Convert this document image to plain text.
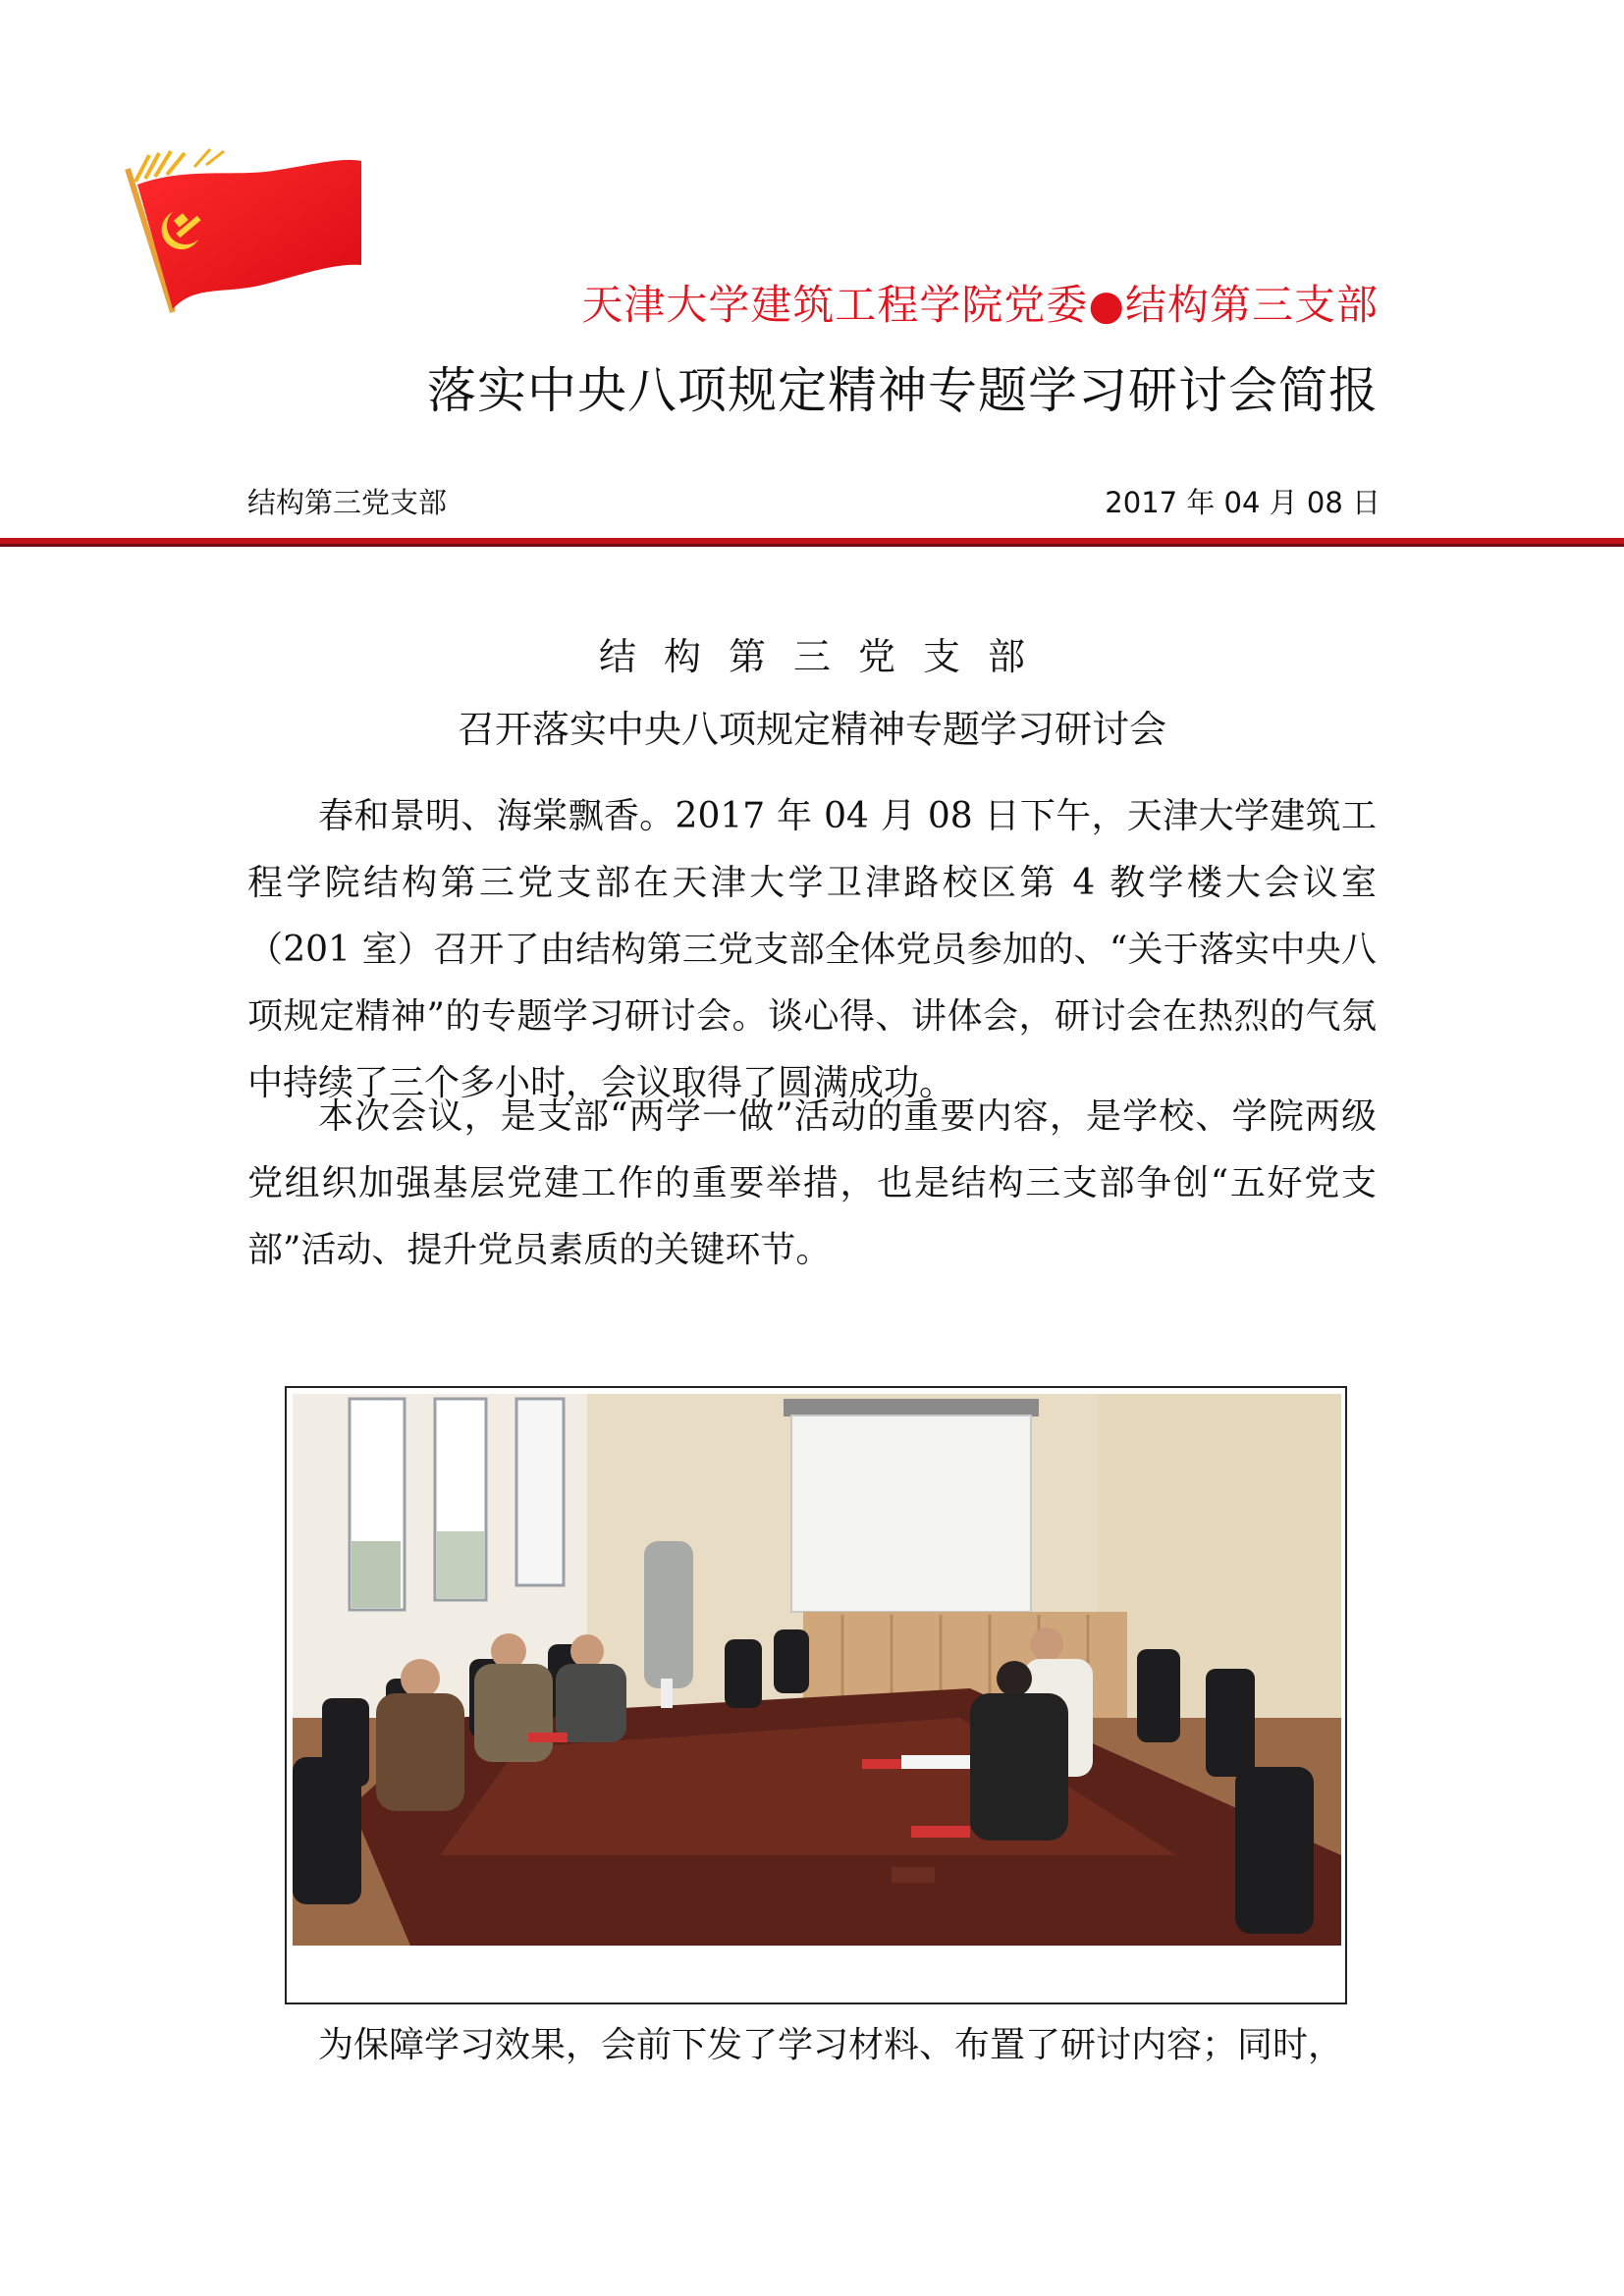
天津大学建筑工程学院党委●结构第三支部
落实中央八项规定精神专题学习研讨会简报
结构第三党支部	2017 年 04 月 08 日
结构第三党支部
召开落实中央八项规定精神专题学习研讨会
春和景明、海棠飘香。2017 年 04 月 08 日下午，天津大学建筑工程学院结构第三党支部在天津大学卫津路校区第 4 教学楼大会议室（201 室）召开了由结构第三党支部全体党员参加的、“关于落实中央八项规定精神”的专题学习研讨会。谈心得、讲体会，研讨会在热烈的气氛中持续了三个多小时，会议取得了圆满成功。
本次会议，是支部“两学一做”活动的重要内容，是学校、学院两级党组织加强基层党建工作的重要举措，也是结构三支部争创“五好党支部”活动、提升党员素质的关键环节。
为保障学习效果，会前下发了学习材料、布置了研讨内容；同时，
